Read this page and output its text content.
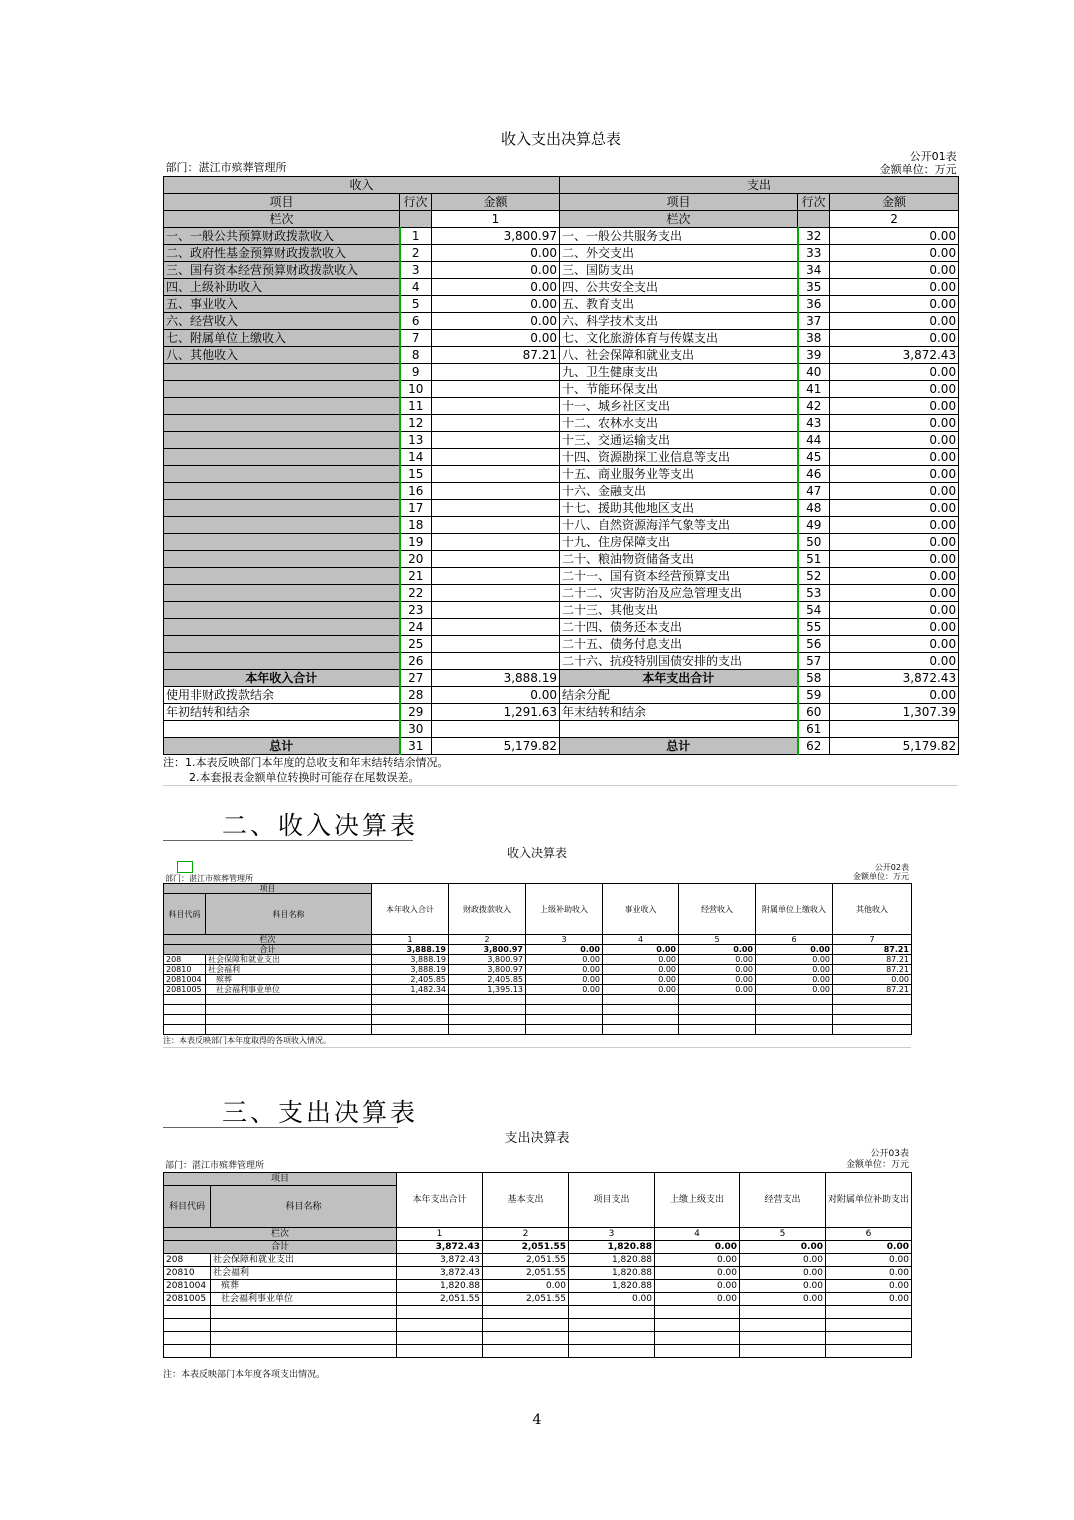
收入支出决算总表					
部门：湛江市殡葬管理所			公开01表
金额单位：万元		

收入			支出		
项目	行次	金额	项目	行次	金额
栏次		1	栏次		2
一、一般公共预算财政拨款收入	1	3,800.97	一、一般公共服务支出	32	0.00
二、政府性基金预算财政拨款收入	2	0.00	二、外交支出	33	0.00
三、国有资本经营预算财政拨款收入	3	0.00	三、国防支出	34	0.00
四、上级补助收入	4	0.00	四、公共安全支出	35	0.00
五、事业收入	5	0.00	五、教育支出	36	0.00
六、经营收入	6	0.00	六、科学技术支出	37	0.00
七、附属单位上缴收入	7	0.00	七、文化旅游体育与传媒支出	38	0.00
八、其他收入	8	87.21	八、社会保障和就业支出	39	3,872.43
	9		九、卫生健康支出	40	0.00
	10		十、节能环保支出	41	0.00
	11		十一、城乡社区支出	42	0.00
	12		十二、农林水支出	43	0.00
	13		十三、交通运输支出	44	0.00
	14		十四、资源勘探工业信息等支出	45	0.00
	15		十五、商业服务业等支出	46	0.00
	16		十六、金融支出	47	0.00
	17		十七、援助其他地区支出	48	0.00
	18		十八、自然资源海洋气象等支出	49	0.00
	19		十九、住房保障支出	50	0.00
	20		二十、粮油物资储备支出	51	0.00
	21		二十一、国有资本经营预算支出	52	0.00
	22		二十二、灾害防治及应急管理支出	53	0.00
	23		二十三、其他支出	54	0.00
	24		二十四、债务还本支出	55	0.00
	25		二十五、债务付息支出	56	0.00
	26		二十六、抗疫特别国债安排的支出	57	0.00
本年收入合计	27	3,888.19	本年支出合计	58	3,872.43
使用非财政拨款结余	28	0.00	结余分配	59	0.00
年初结转和结余	29	1,291.63	年末结转和结余	60	1,307.39
	30			61	
总计	31	5,179.82	总计	62	5,179.82
注：1.本表反映部门本年度的总收支和年末结转结余情况。
2.本套报表金额单位转换时可能存在尾数误差。
二、收入决算表
收入决算表
部门：湛江市殡葬管理所
公开02表
金额单位：万元
项目		本年收入合计	财政拨款收入	上级补助收入	事业收入	经营收入	附属单位上缴收入	其他收入
科目代码	科目名称							
栏次		1	2	3	4	5	6	7
合计		3,888.19	3,800.97	0.00	0.00	0.00	0.00	87.21
208	社会保障和就业支出	3,888.19	3,800.97	0.00	0.00	0.00	0.00	87.21
20810	社会福利	3,888.19	3,800.97	0.00	0.00	0.00	0.00	87.21
2081004	殡葬	2,405.85	2,405.85	0.00	0.00	0.00	0.00	0.00
2081005	社会福利事业单位	1,482.34	1,395.13	0.00	0.00	0.00	0.00	87.21

注：本表反映部门本年度取得的各项收入情况。
三、支出决算表
支出决算表
部门：湛江市殡葬管理所
公开03表
金额单位：万元
项目		本年支出合计	基本支出	项目支出	上缴上级支出	经营支出	对附属单位补助支出
科目代码	科目名称						
栏次		1	2	3	4	5	6
合计		3,872.43	2,051.55	1,820.88	0.00	0.00	0.00
208	社会保障和就业支出	3,872.43	2,051.55	1,820.88	0.00	0.00	0.00
20810	社会福利	3,872.43	2,051.55	1,820.88	0.00	0.00	0.00
2081004	殡葬	1,820.88	0.00	1,820.88	0.00	0.00	0.00
2081005	社会福利事业单位	2,051.55	2,051.55	0.00	0.00	0.00	0.00

注：本表反映部门本年度各项支出情况。
4
